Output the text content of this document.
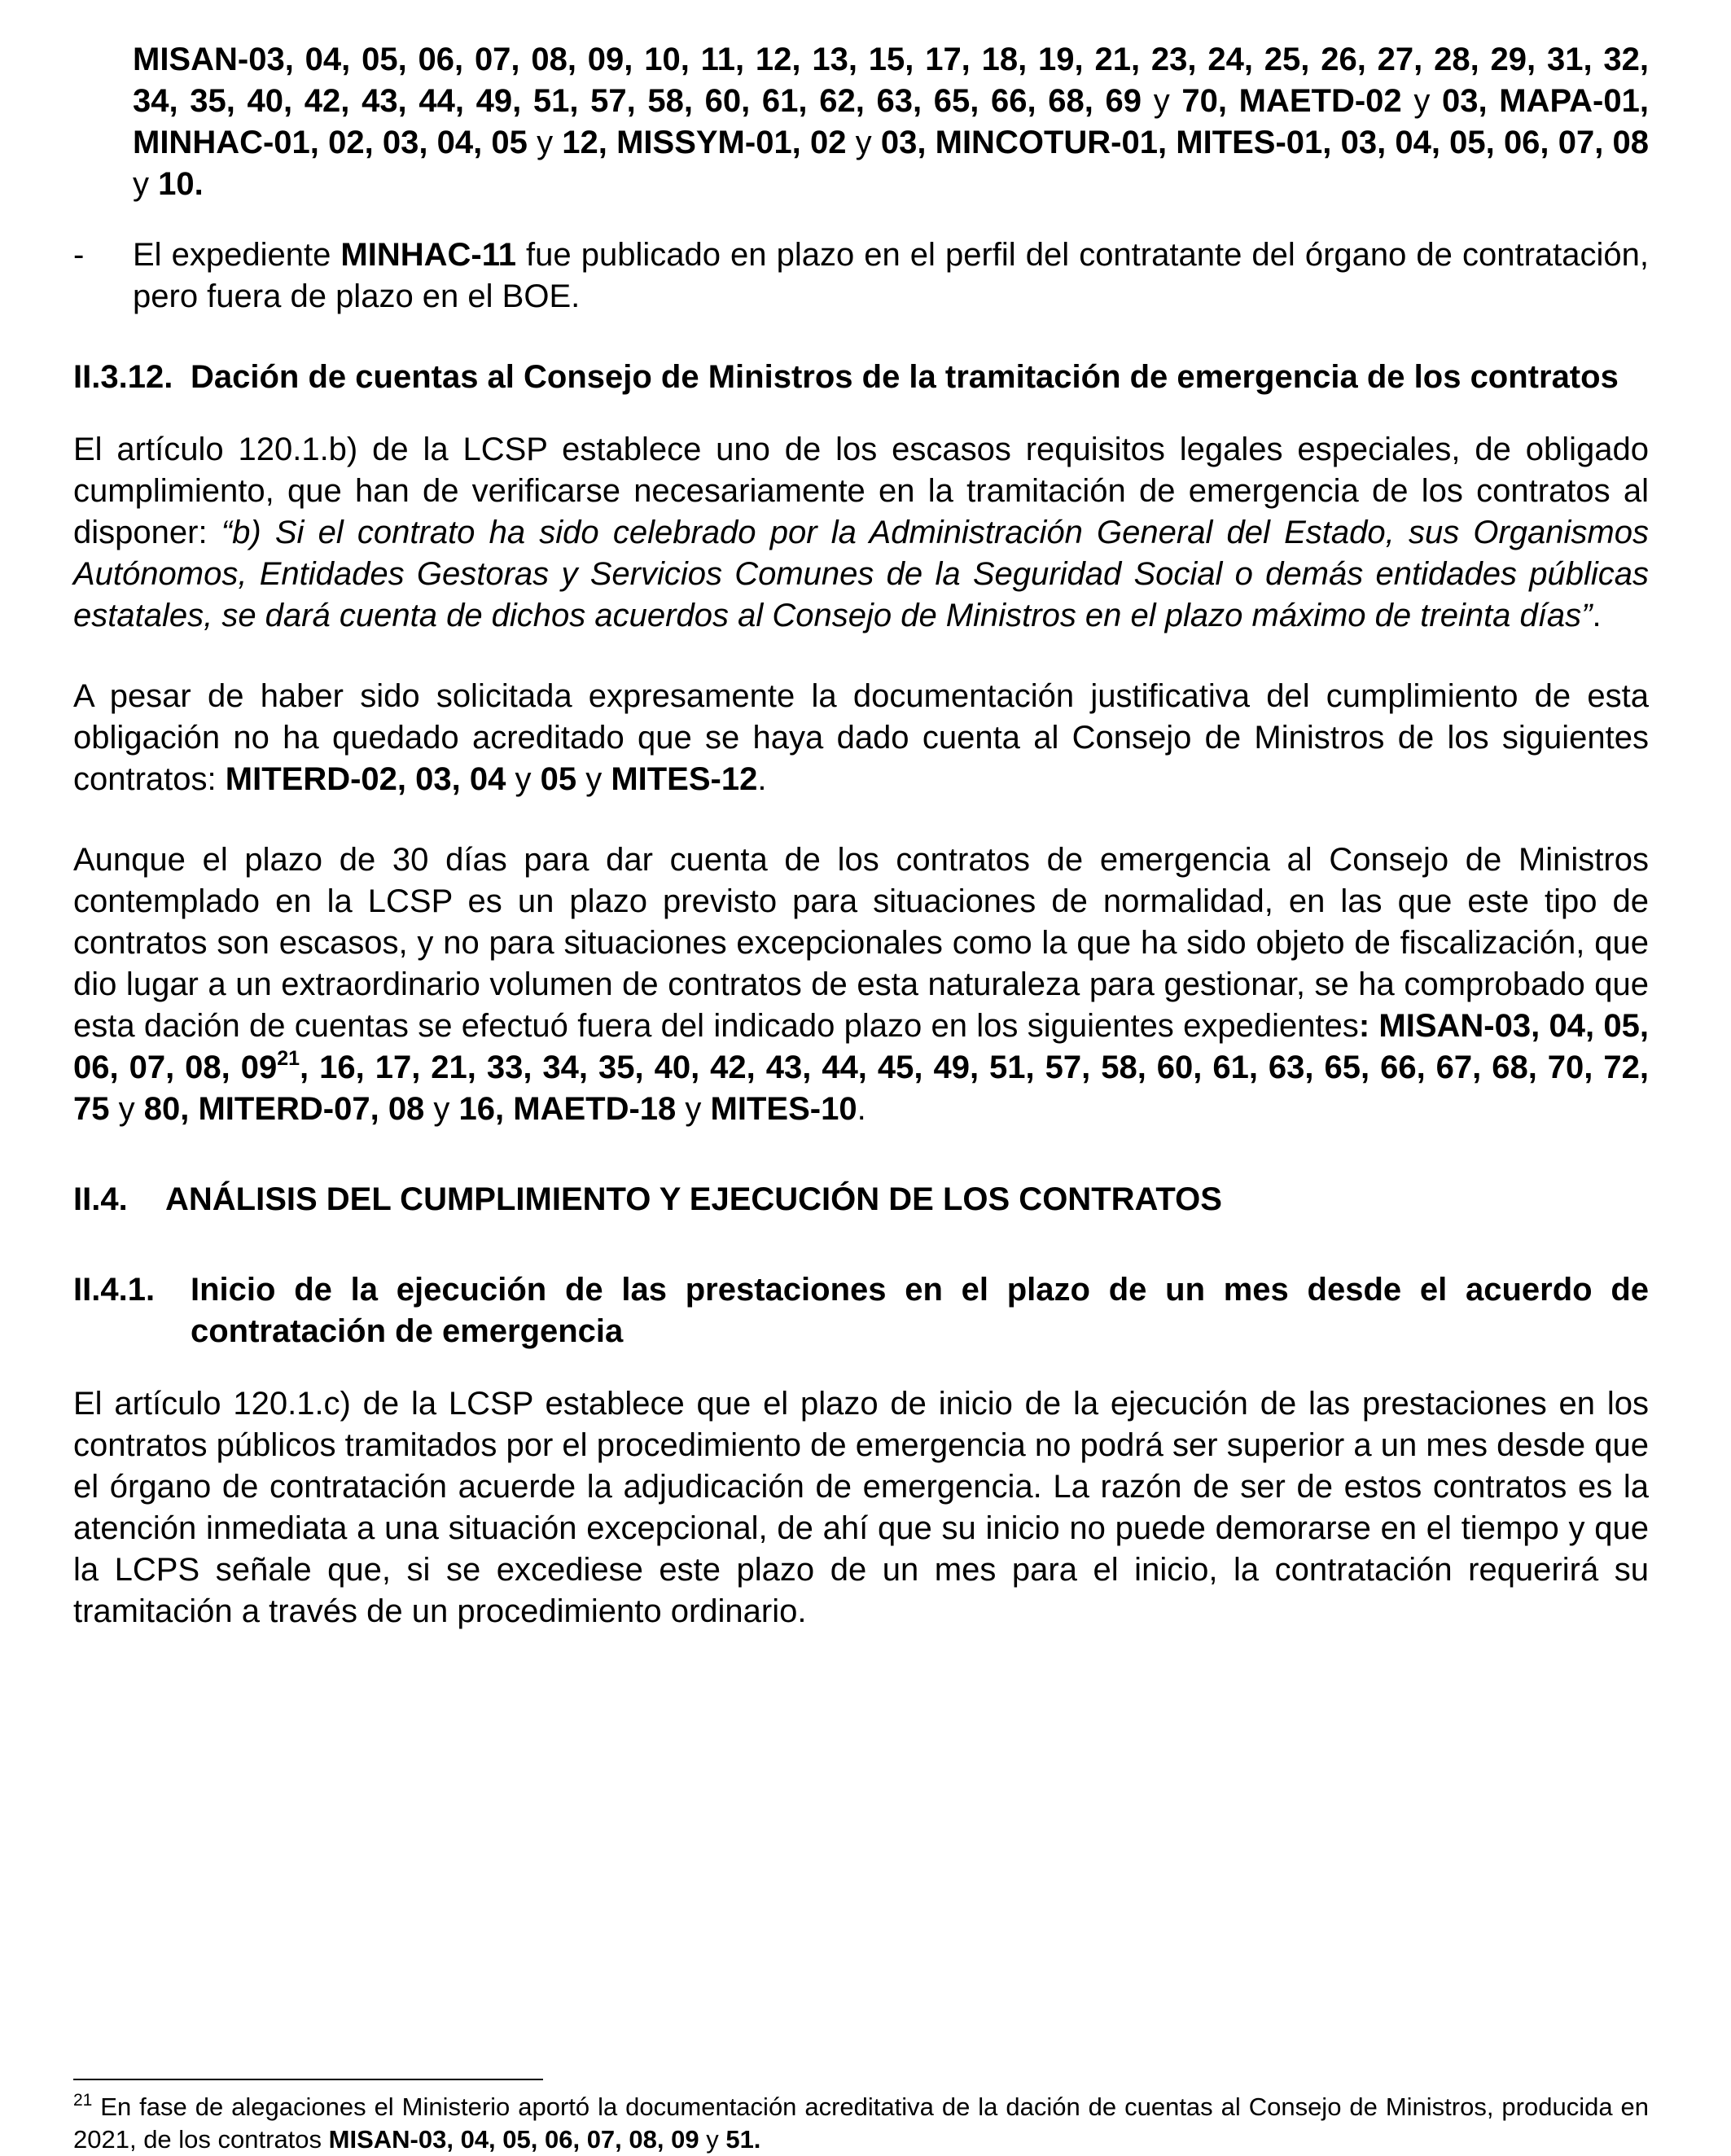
MISAN-03, 04, 05, 06, 07, 08, 09, 10, 11, 12, 13, 15, 17, 18, 19, 21, 23, 24, 25, 26, 27, 28, 29, 31, 32, 34, 35, 40, 42, 43, 44, 49, 51, 57, 58, 60, 61, 62, 63, 65, 66, 68, 69 y 70, MAETD-02 y 03, MAPA-01, MINHAC-01, 02, 03, 04, 05 y 12, MISSYM-01, 02 y 03, MINCOTUR-01, MITES-01, 03, 04, 05, 06, 07, 08 y 10.

- El expediente MINHAC-11 fue publicado en plazo en el perfil del contratante del órgano de contratación, pero fuera de plazo en el BOE.

II.3.12. Dación de cuentas al Consejo de Ministros de la tramitación de emergencia de los contratos

El artículo 120.1.b) de la LCSP establece uno de los escasos requisitos legales especiales, de obligado cumplimiento, que han de verificarse necesariamente en la tramitación de emergencia de los contratos al disponer: “b) Si el contrato ha sido celebrado por la Administración General del Estado, sus Organismos Autónomos, Entidades Gestoras y Servicios Comunes de la Seguridad Social o demás entidades públicas estatales, se dará cuenta de dichos acuerdos al Consejo de Ministros en el plazo máximo de treinta días”.

A pesar de haber sido solicitada expresamente la documentación justificativa del cumplimiento de esta obligación no ha quedado acreditado que se haya dado cuenta al Consejo de Ministros de los siguientes contratos: MITERD-02, 03, 04 y 05 y MITES-12.

Aunque el plazo de 30 días para dar cuenta de los contratos de emergencia al Consejo de Ministros contemplado en la LCSP es un plazo previsto para situaciones de normalidad, en las que este tipo de contratos son escasos, y no para situaciones excepcionales como la que ha sido objeto de fiscalización, que dio lugar a un extraordinario volumen de contratos de esta naturaleza para gestionar, se ha comprobado que esta dación de cuentas se efectuó fuera del indicado plazo en los siguientes expedientes: MISAN-03, 04, 05, 06, 07, 08, $09^{21}$, 16, 17, 21, 33, 34, 35, 40, 42, 43, 44, 45, 49, 51, 57, 58, 60, 61, 63, 65, 66, 67, 68, 70, 72, 75 y 80, MITERD-07, 08 y 16, MAETD-18 y MITES-10.

II.4. ANÁLISIS DEL CUMPLIMIENTO Y EJECUCIÓN DE LOS CONTRATOS
II.4.1. Inicio de la ejecución de las prestaciones en el plazo de un mes desde el acuerdo de contratación de emergencia

El artículo 120.1.c) de la LCSP establece que el plazo de inicio de la ejecución de las prestaciones en los contratos públicos tramitados por el procedimiento de emergencia no podrá ser superior a un mes desde que el órgano de contratación acuerde la adjudicación de emergencia. La razón de ser de estos contratos es la atención inmediata a una situación excepcional, de ahí que su inicio no puede demorarse en el tiempo y que la LCPS señale que, si se excediese este plazo de un mes para el inicio, la contratación requerirá su tramitación a través de un procedimiento ordinario.

$^{21}$ En fase de alegaciones el Ministerio aportó la documentación acreditativa de la dación de cuentas al Consejo de Ministros, producida en 2021, de los contratos MISAN-03, 04, 05, 06, 07, 08, 09 y 51.
